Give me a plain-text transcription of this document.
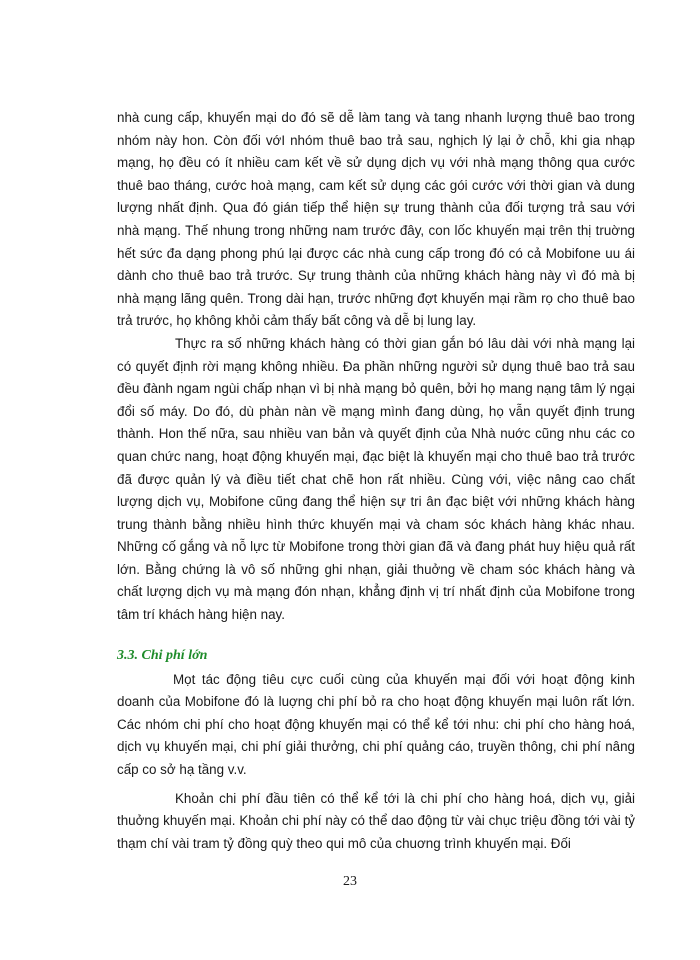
nhà cung cấp, khuyến mại do đó sẽ dễ làm tang và tang nhanh lượng thuê bao trong nhóm này hon. Còn đối vớI nhóm thuê bao trả sau, nghịch lý lại ở chỗ, khi gia nhạp mạng, họ đều có ít nhiều cam kết về sử dụng dịch vụ với nhà mạng thông qua cước thuê bao tháng, cước hoà mạng, cam kết sử dụng các gói cước với thời gian và dung lượng nhất định. Qua đó gián tiếp thể hiện sự trung thành của đối tượng trả sau với nhà mạng. Thế nhung trong những nam trước đây, con lốc khuyến mại trên thị truờng hết sức đa dạng phong phú lại được các nhà cung cấp trong đó có cả Mobifone uu ái dành cho thuê bao trả trước. Sự trung thành của những khách hàng này vì đó mà bị nhà mạng lãng quên. Trong dài hạn, trước những đợt khuyến mại rầm rọ cho thuê bao trả trước, họ không khỏi cảm thấy bất công và dễ bị lung lay.

Thực ra số những khách hàng có thời gian gắn bó lâu dài với nhà mạng lại có quyết định rời mạng không nhiều. Đa phần những người sử dụng thuê bao trả sau đều đành ngam ngùi chấp nhạn vì bị nhà mạng bỏ quên, bởi họ mang nạng tâm lý ngại đổi số máy. Do đó, dù phàn nàn về mạng mình đang dùng, họ vẫn quyết định trung thành. Hon thế nữa, sau nhiều van bản và quyết định của Nhà nuớc cũng nhu các co quan chức nang, hoạt động khuyến mại, đạc biệt là khuyến mại cho thuê bao trả trước đã được quản lý và điều tiết chat chẽ hon rất nhiều. Cùng với, việc nâng cao chất lượng dịch vụ, Mobifone cũng đang thể hiện sự tri ân đạc biệt với những khách hàng trung thành bằng nhiều hình thức khuyến mại và cham sóc khách hàng khác nhau. Những cố gắng và nỗ lực từ Mobifone trong thời gian đã và đang phát huy hiệu quả rất lớn. Bằng chứng là vô số những ghi nhạn, giải thuởng về cham sóc khách hàng và chất lượng dịch vụ mà mạng đón nhạn, khẳng định vị trí nhất định của Mobifone trong tâm trí khách hàng hiện nay.

3.3. Chi phí lớn

Mọt tác động tiêu cực cuối cùng của khuyến mại đối với hoạt động kinh doanh của Mobifone đó là luợng chi phí bỏ ra cho hoạt động khuyến mại luôn rất lớn. Các nhóm chi phí cho hoạt động khuyến mại có thể kể tới nhu: chi phí cho hàng hoá, dịch vụ khuyến mại, chi phí giải thưởng, chi phí quảng cáo, truyền thông, chi phí nâng cấp co sở hạ tầng v.v.

Khoản chi phí đầu tiên có thể kể tới là chi phí cho hàng hoá, dịch vụ, giải thuởng khuyến mại. Khoản chi phí này có thể dao động từ vài chục triệu đồng tới vài tỷ thạm chí vài tram tỷ đồng quỳ theo qui mô của chuơng trình khuyến mại. Đối

23
